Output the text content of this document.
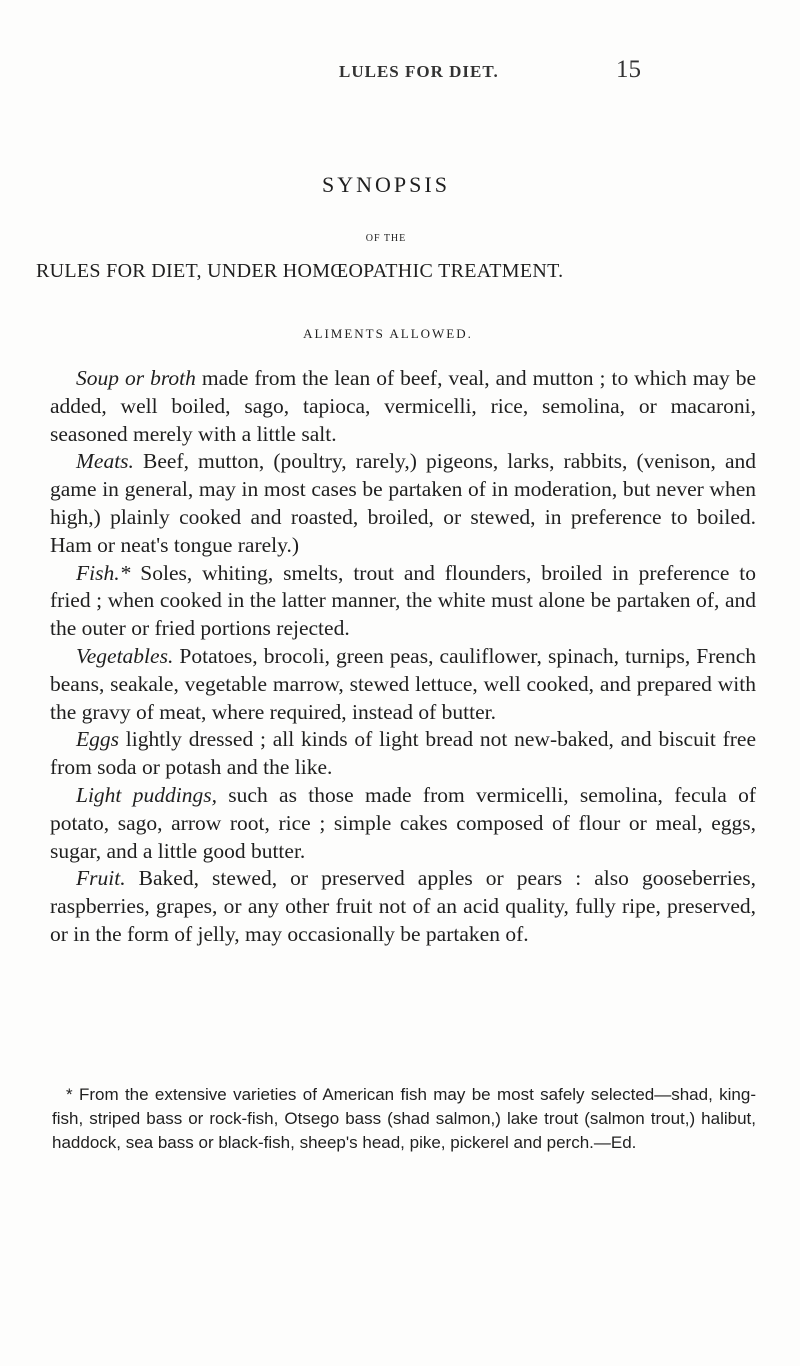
LULES FOR DIET.	15
SYNOPSIS
OF THE
RULES FOR DIET, UNDER HOMŒOPATHIC TREATMENT.
ALIMENTS ALLOWED.

Soup or broth made from the lean of beef, veal, and mutton ; to which may be added, well boiled, sago, tapioca, vermicelli, rice, semolina, or macaroni, seasoned merely with a little salt.

Meats. Beef, mutton, (poultry, rarely,) pigeons, larks, rabbits, (venison, and game in general, may in most cases be partaken of in moderation, but never when high,) plainly cooked and roasted, broiled, or stewed, in preference to boiled. Ham or neat's tongue rarely.)

Fish.* Soles, whiting, smelts, trout and flounders, broiled in preference to fried ; when cooked in the latter manner, the white must alone be partaken of, and the outer or fried portions rejected.

Vegetables. Potatoes, brocoli, green peas, cauliflower, spinach, turnips, French beans, seakale, vegetable marrow, stewed lettuce, well cooked, and prepared with the gravy of meat, where required, instead of butter.

Eggs lightly dressed ; all kinds of light bread not new-baked, and biscuit free from soda or potash and the like.

Light puddings, such as those made from vermicelli, semolina, fecula of potato, sago, arrow root, rice ; simple cakes composed of flour or meal, eggs, sugar, and a little good butter.

Fruit. Baked, stewed, or preserved apples or pears : also gooseberries, raspberries, grapes, or any other fruit not of an acid quality, fully ripe, preserved, or in the form of jelly, may occasionally be partaken of.

* From the extensive varieties of American fish may be most safely selected—shad, king-fish, striped bass or rock-fish, Otsego bass (shad salmon,) lake trout (salmon trout,) halibut, haddock, sea bass or black-fish, sheep's head, pike, pickerel and perch.—Ed.
